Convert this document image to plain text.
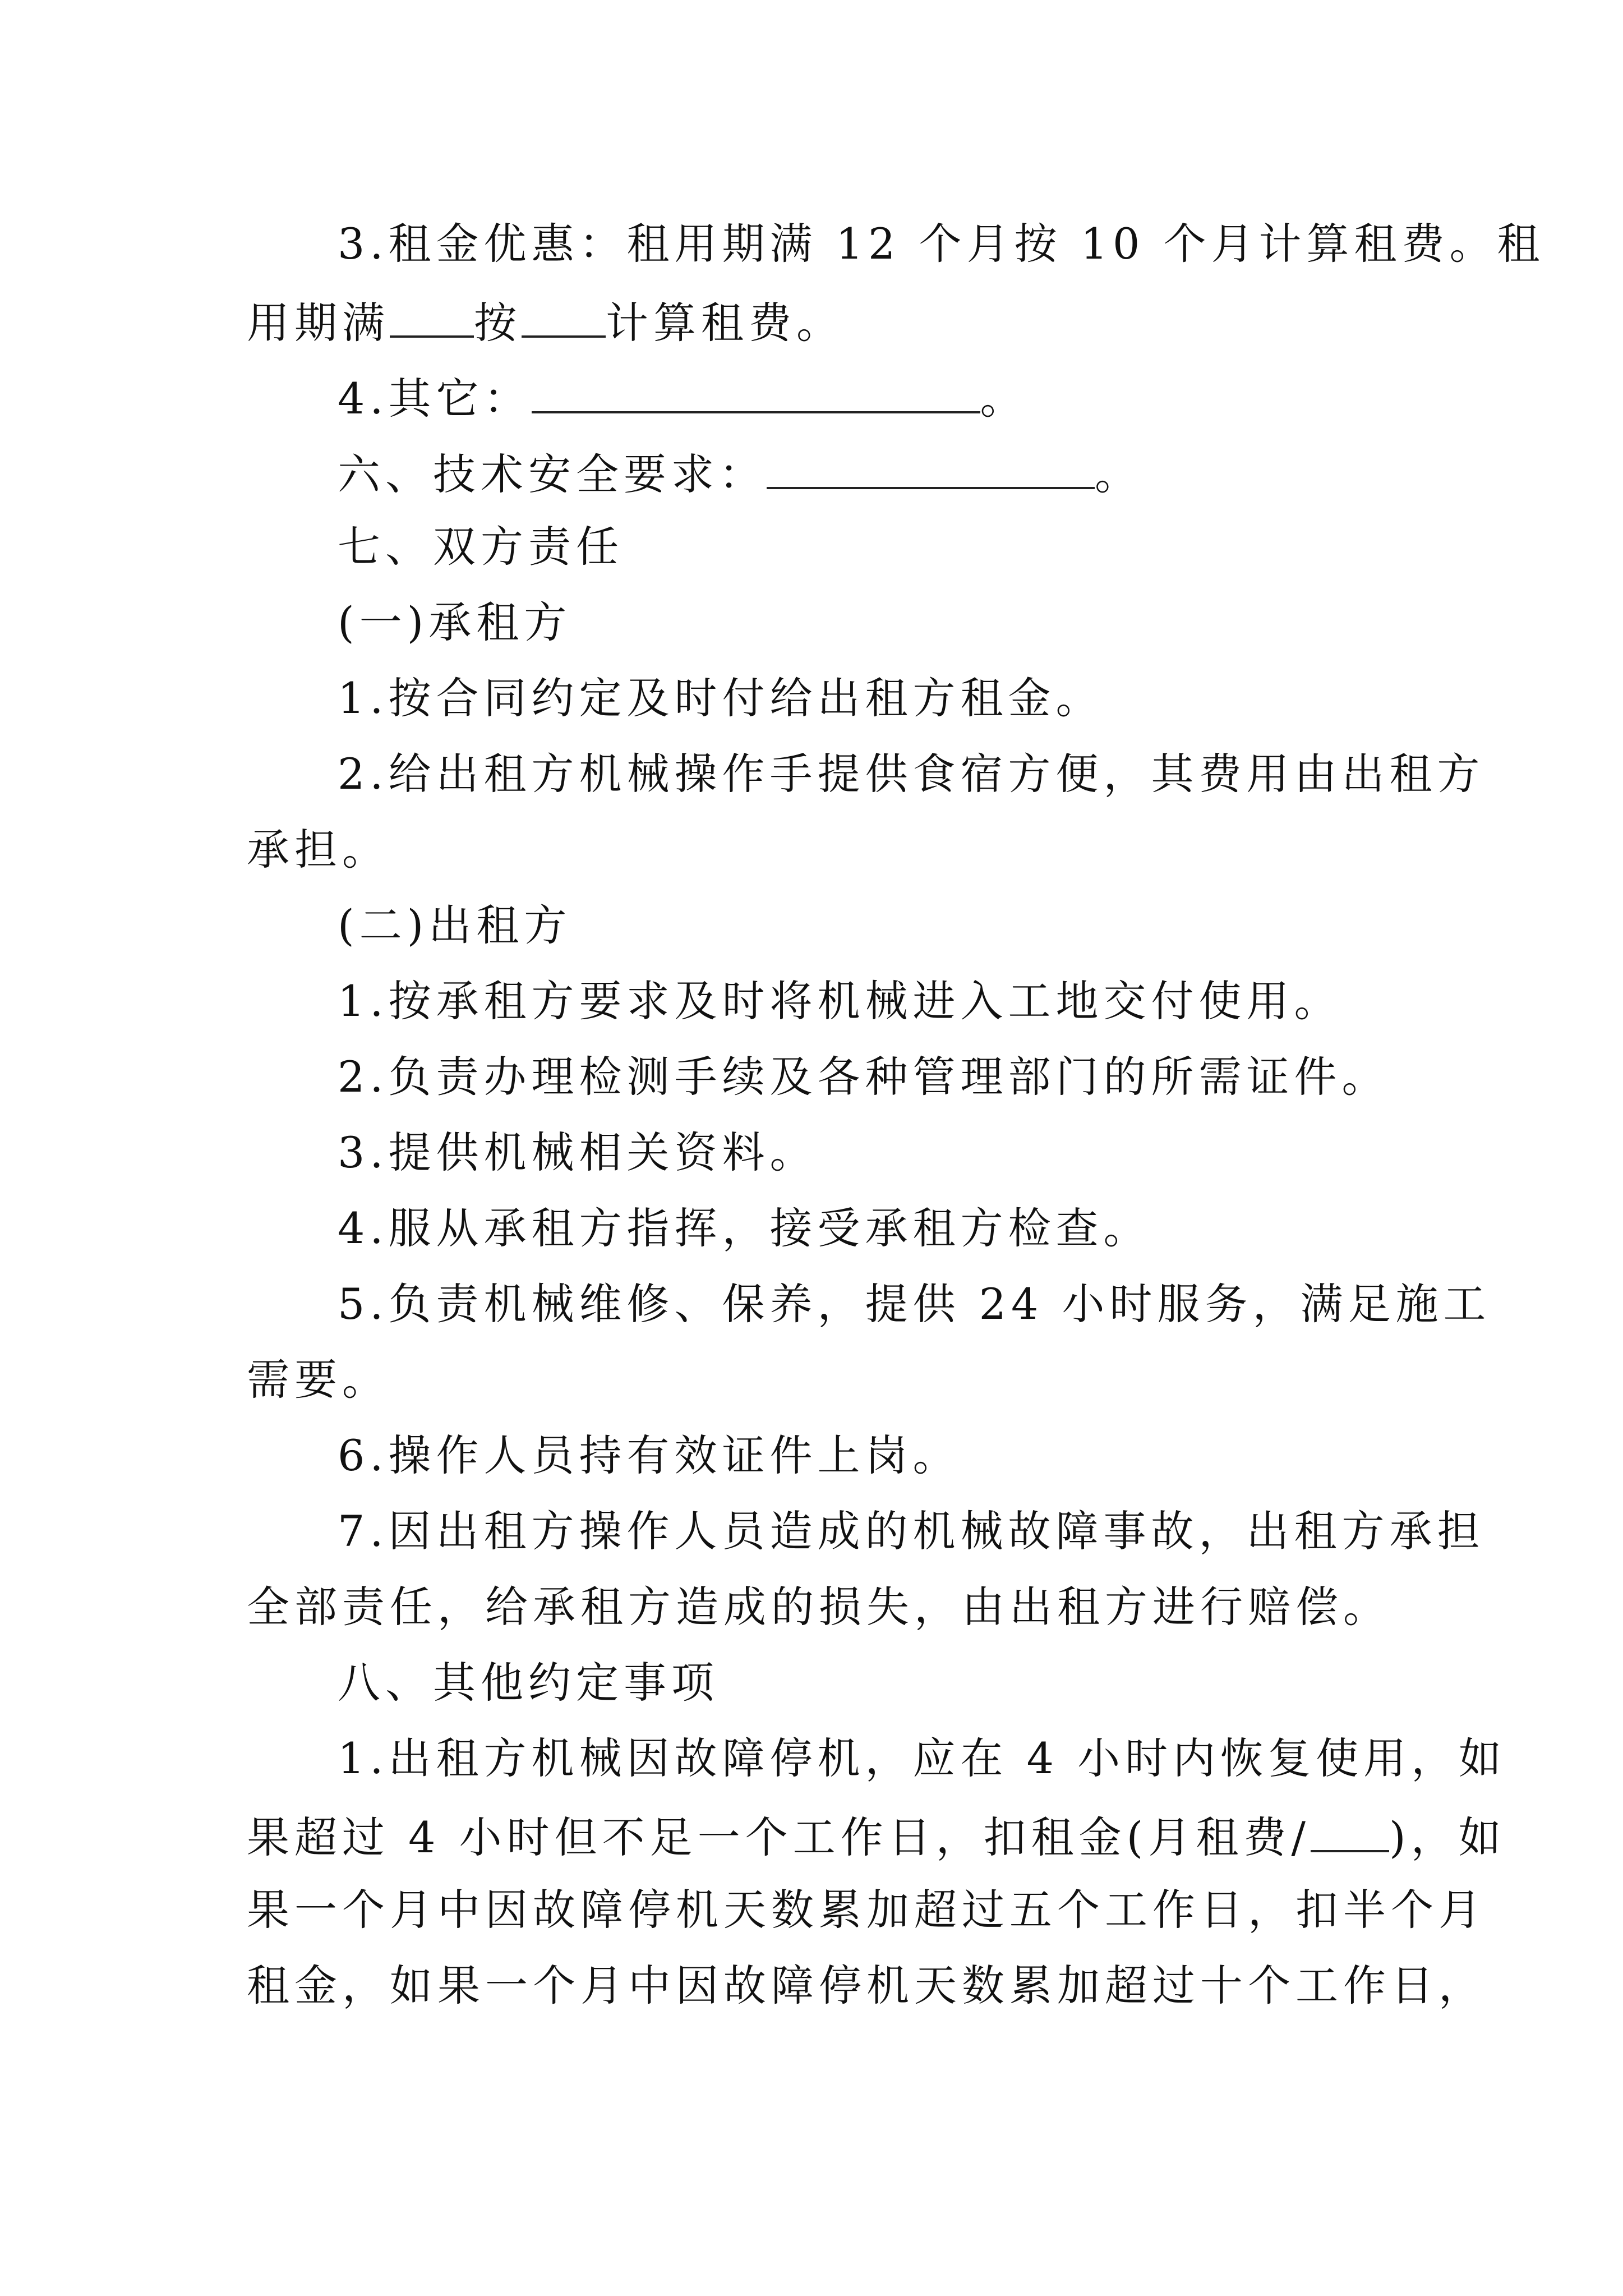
3.租金优惠：租用期满 12 个月按 10 个月计算租费。租
用期满 按 计算租费。
4.其它：	。
六、技术安全要求：	。
七、双方责任
(一)承租方
1.按合同约定及时付给出租方租金。
2.给出租方机械操作手提供食宿方便，其费用由出租方
承担。
(二)出租方
1.按承租方要求及时将机械进入工地交付使用。
2.负责办理检测手续及各种管理部门的所需证件。
3.提供机械相关资料。
4.服从承租方指挥，接受承租方检查。
5.负责机械维修、保养，提供 24 小时服务，满足施工
需要。
6.操作人员持有效证件上岗。
7.因出租方操作人员造成的机械故障事故，出租方承担
全部责任，给承租方造成的损失，由出租方进行赔偿。
八、其他约定事项
1.出租方机械因故障停机，应在 4 小时内恢复使用，如
果超过 4 小时但不足一个工作日，扣租金(月租费/ )，如
果一个月中因故障停机天数累加超过五个工作日，扣半个月
租金，如果一个月中因故障停机天数累加超过十个工作日，
